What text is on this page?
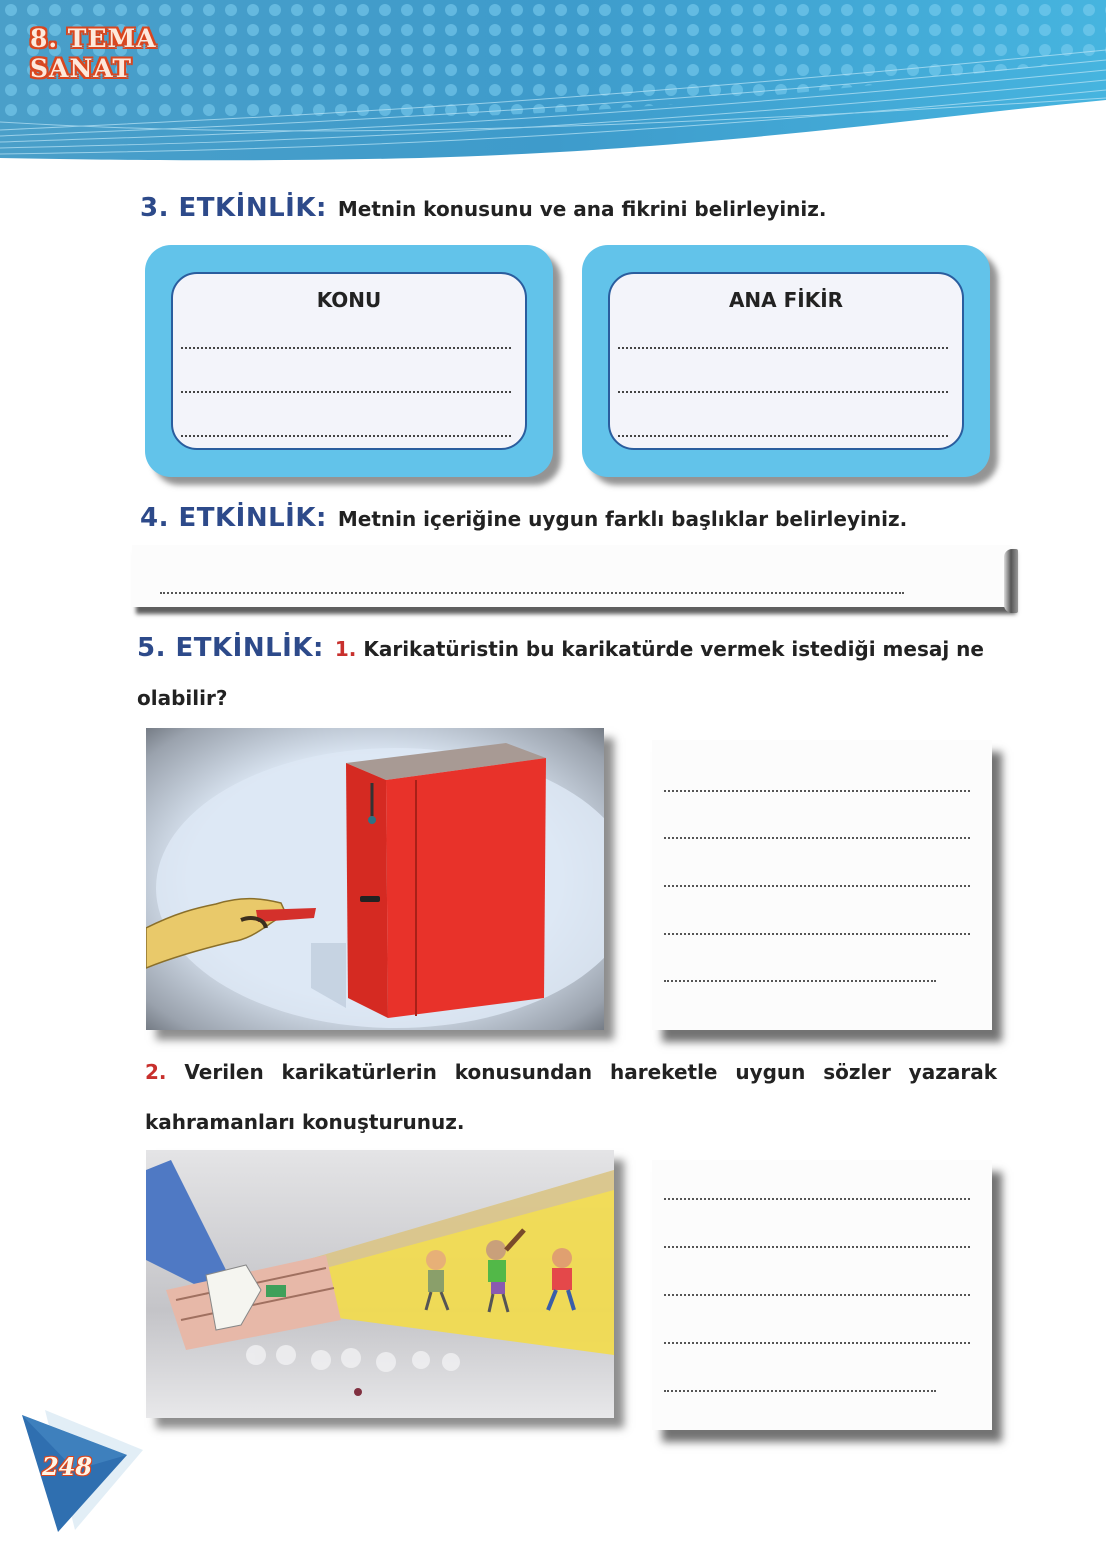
8. TEMA
SANAT
3. ETKİNLİK: Metnin konusunu ve ana fikrini belirleyiniz.
KONU	ANA FİKİR
4. ETKİNLİK: Metnin içeriğine uygun farklı başlıklar belirleyiniz.
5. ETKİNLİK: 1. Karikatüristin bu karikatürde vermek istediği mesaj ne
olabilir?
2. Verilen karikatürlerin konusundan hareketle uygun sözler yazarak
kahramanları konuşturunuz.
248
